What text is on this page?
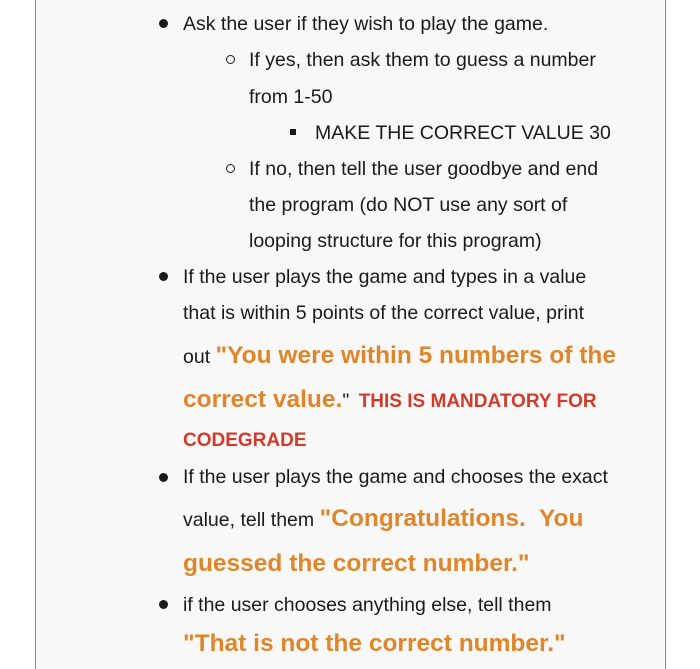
Ask the user if they wish to play the game.
If yes, then ask them to guess a number
from 1-50
MAKE THE CORRECT VALUE 30
If no, then tell the user goodbye and end
the program (do NOT use any sort of
looping structure for this program)
If the user plays the game and types in a value
that is within 5 points of the correct value, print
out "You were within 5 numbers of the
correct value." THIS IS MANDATORY FOR
CODEGRADE
If the user plays the game and chooses the exact
value, tell them "Congratulations.  You
guessed the correct number."
if the user chooses anything else, tell them
"That is not the correct number."
